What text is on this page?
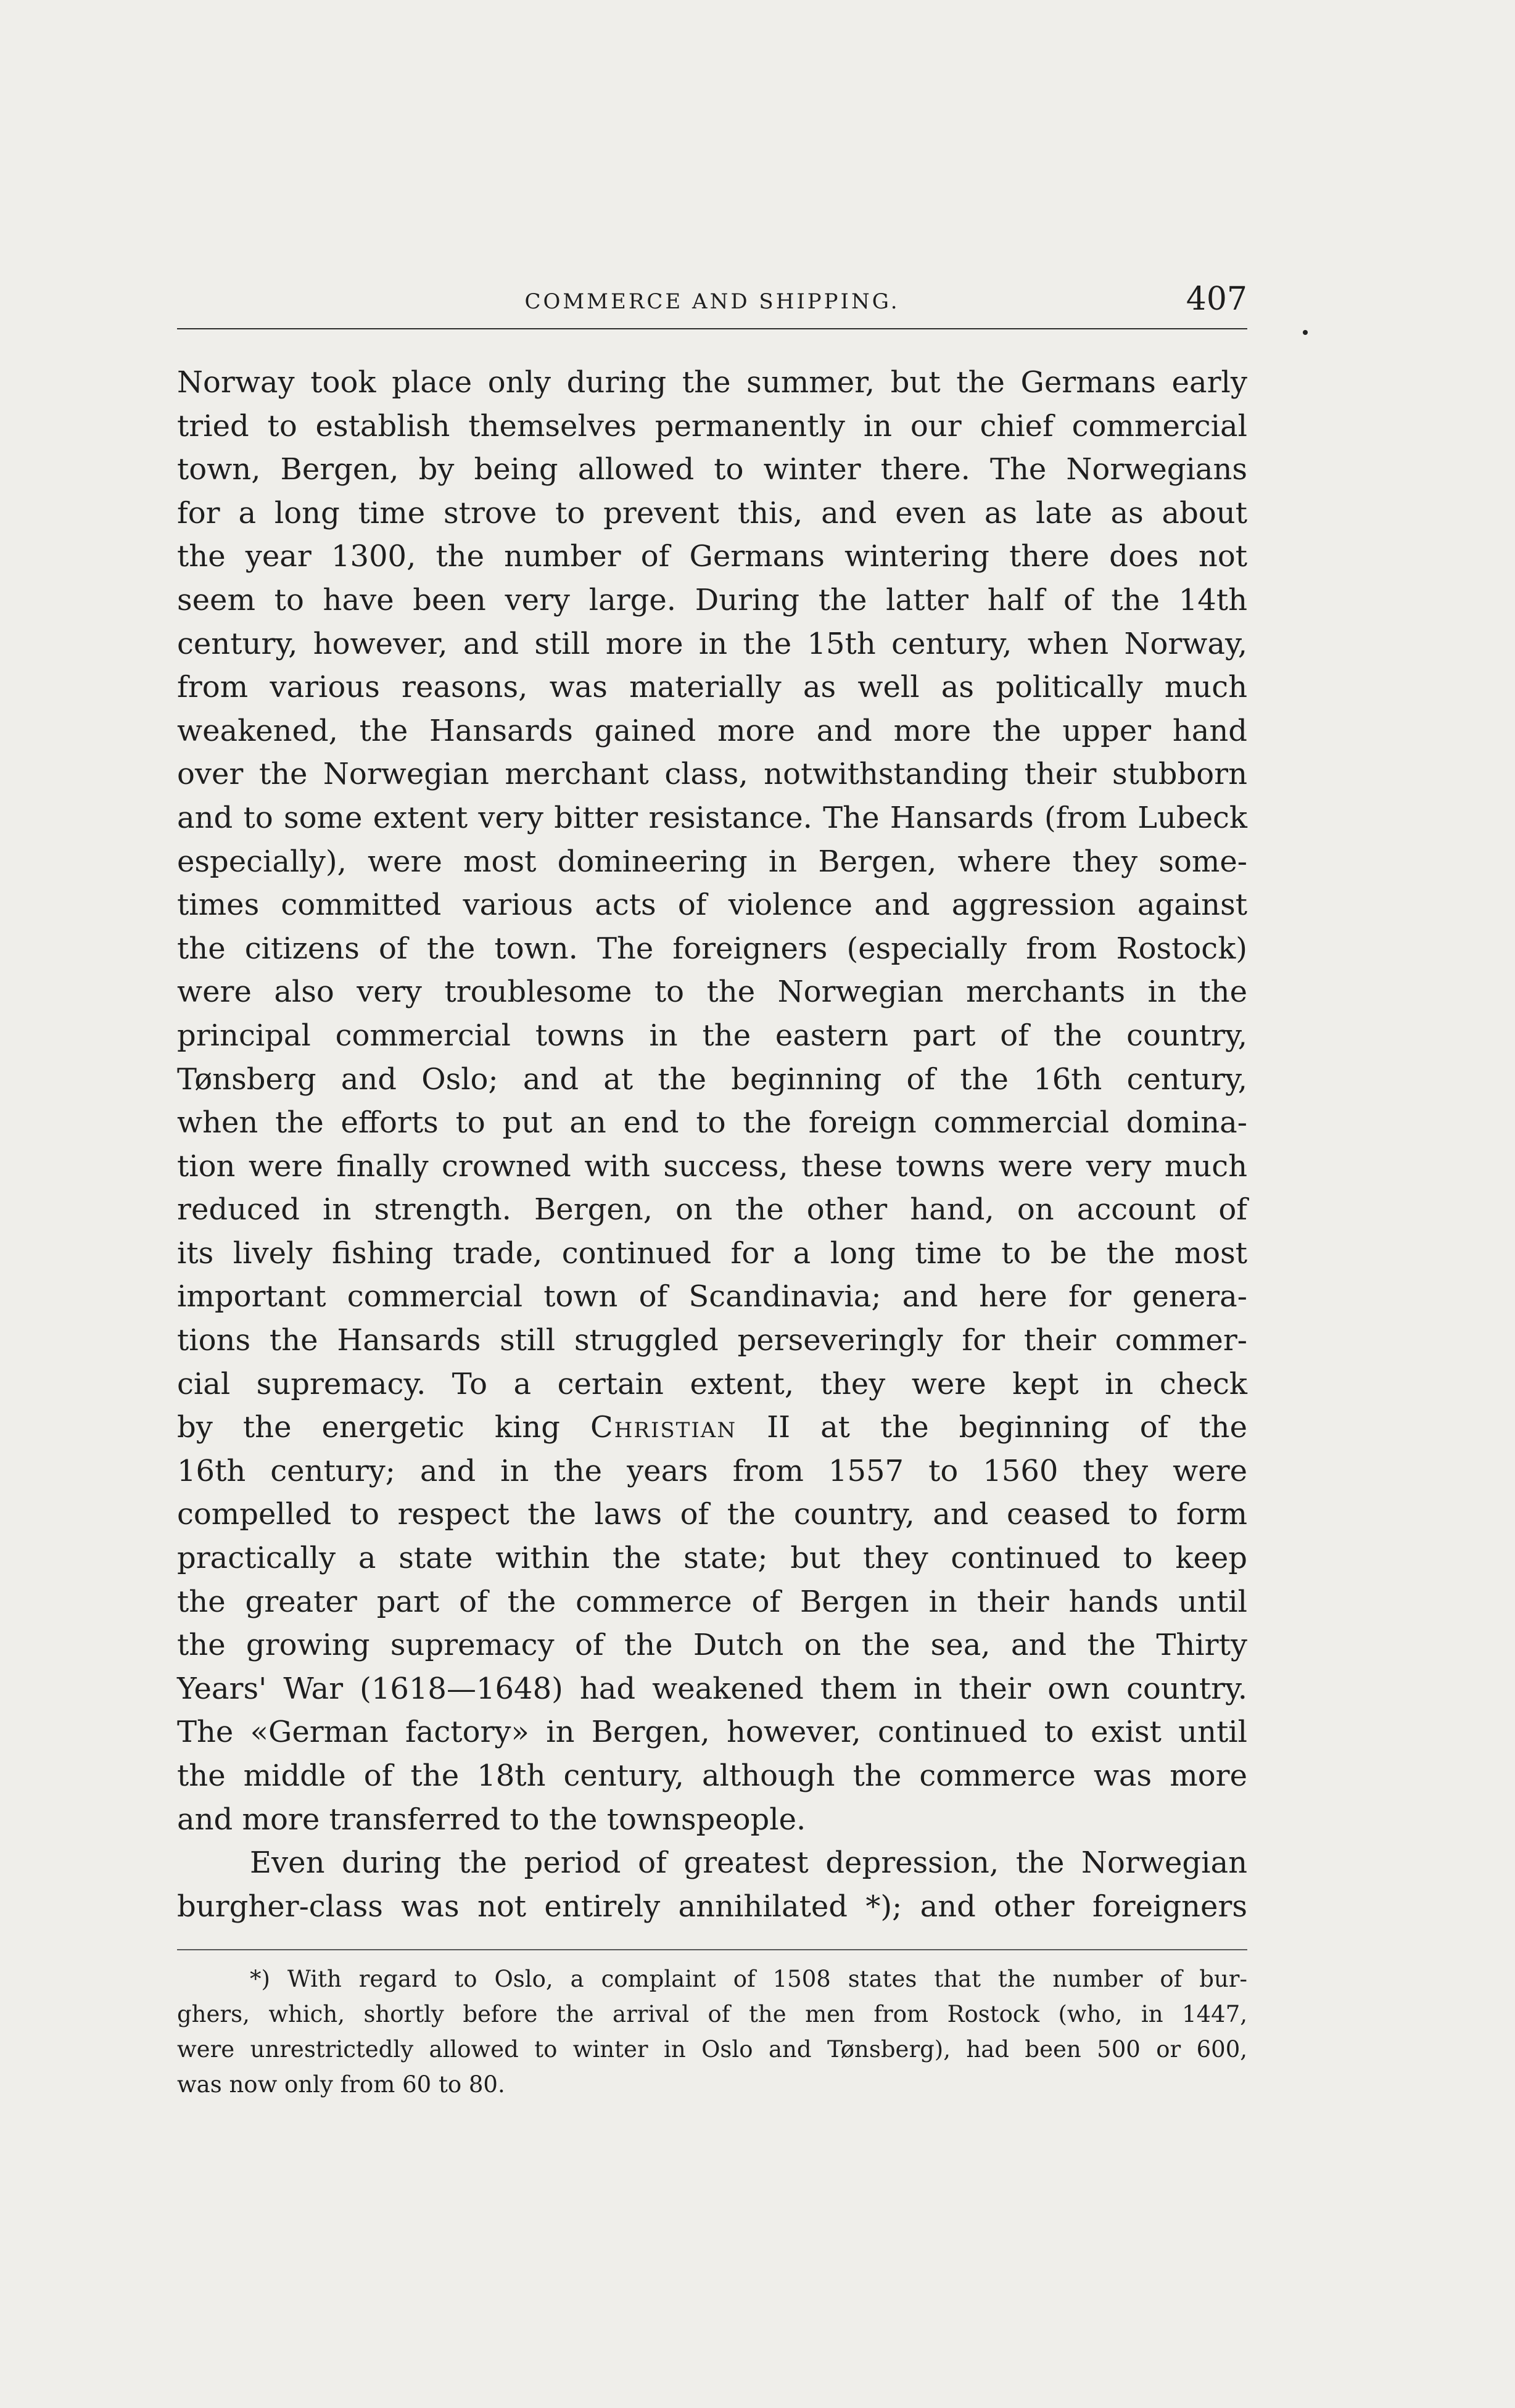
COMMERCE AND SHIPPING.	407
Norway took place only during the summer, but the Germans early
tried to establish themselves permanently in our chief commercial
town, Bergen, by being allowed to winter there. The Norwegians
for a long time strove to prevent this, and even as late as about
the year 1300, the number of Germans wintering there does not
seem to have been very large. During the latter half of the 14th
century, however, and still more in the 15th century, when Norway,
from various reasons, was materially as well as politically much
weakened, the Hansards gained more and more the upper hand
over the Norwegian merchant class, notwithstanding their stubborn
and to some extent very bitter resistance. The Hansards (from Lubeck
especially), were most domineering in Bergen, where they some-
times committed various acts of violence and aggression against
the citizens of the town. The foreigners (especially from Rostock)
were also very troublesome to the Norwegian merchants in the
principal commercial towns in the eastern part of the country,
Tønsberg and Oslo; and at the beginning of the 16th century,
when the efforts to put an end to the foreign commercial domina-
tion were finally crowned with success, these towns were very much
reduced in strength. Bergen, on the other hand, on account of
its lively fishing trade, continued for a long time to be the most
important commercial town of Scandinavia; and here for genera-
tions the Hansards still struggled perseveringly for their commer-
cial supremacy. To a certain extent, they were kept in check
by the energetic king Christian II at the beginning of the
16th century; and in the years from 1557 to 1560 they were
compelled to respect the laws of the country, and ceased to form
practically a state within the state; but they continued to keep
the greater part of the commerce of Bergen in their hands until
the growing supremacy of the Dutch on the sea, and the Thirty
Years' War (1618—1648) had weakened them in their own country.
The «German factory» in Bergen, however, continued to exist until
the middle of the 18th century, although the commerce was more
and more transferred to the townspeople.
Even during the period of greatest depression, the Norwegian
burgher-class was not entirely annihilated *); and other foreigners
*) With regard to Oslo, a complaint of 1508 states that the number of bur-
ghers, which, shortly before the arrival of the men from Rostock (who, in 1447,
were unrestrictedly allowed to winter in Oslo and Tønsberg), had been 500 or 600,
was now only from 60 to 80.
